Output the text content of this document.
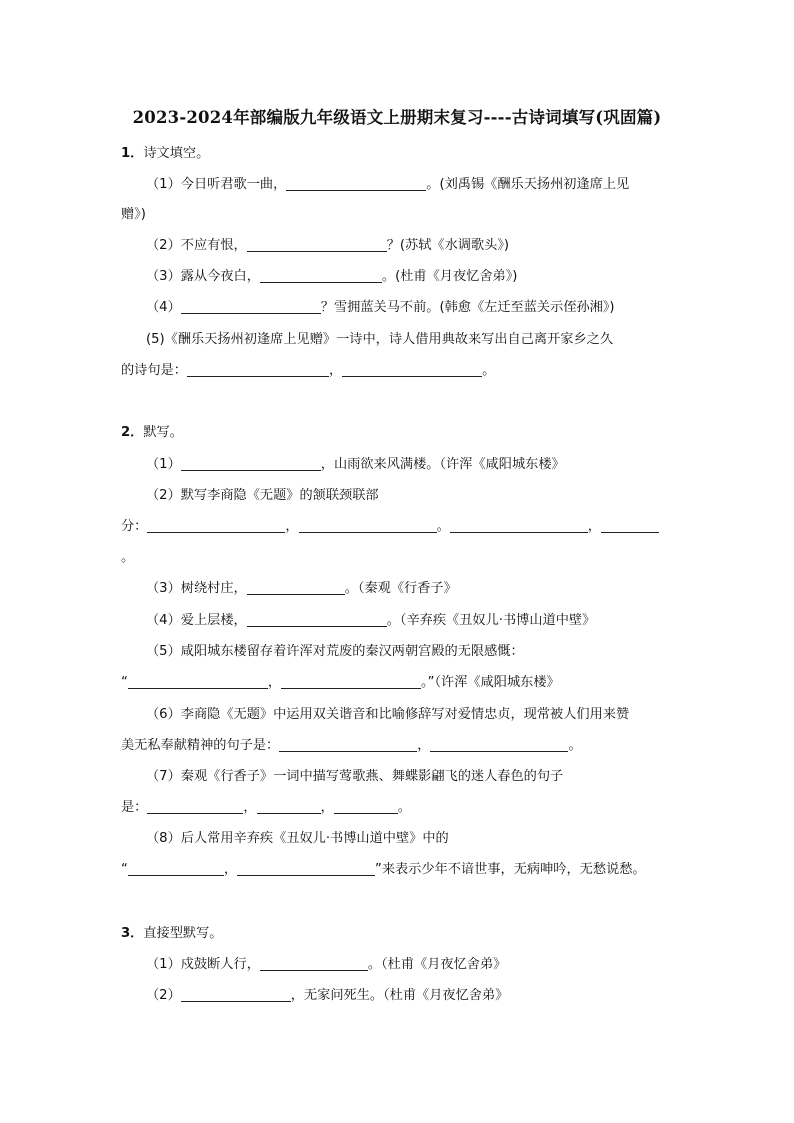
2023-2024年部编版九年级语文上册期末复习----古诗词填写(巩固篇)
1．诗文填空。
（1）今日听君歌一曲，	。(刘禹锡《酬乐天扬州初逢席上见
赠》)
（2）不应有恨，	？(苏轼《水调歌头》)
（3）露从今夜白，	。(杜甫《月夜忆舍弟》)
（4）	？雪拥蓝关马不前。(韩愈《左迁至蓝关示侄孙湘》)
(5)《酬乐天扬州初逢席上见赠》一诗中，诗人借用典故来写出自己离开家乡之久
的诗句是：	，	。
2．默写。
（1）	，山雨欲来风满楼。（许浑《咸阳城东楼》
（2）默写李商隐《无题》的颔联颈联部
分：	，	。	，
。
（3）树绕村庄，	。（秦观《行香子》
（4）爱上层楼，	。（辛弃疾《丑奴儿·书博山道中壁》
（5）咸阳城东楼留存着许浑对荒废的秦汉两朝宫殿的无限感慨：
“	，	。”（许浑《咸阳城东楼》
（6）李商隐《无题》中运用双关谐音和比喻修辞写对爱情忠贞，现常被人们用来赞
美无私奉献精神的句子是：	，	。
（7）秦观《行香子》一词中描写莺歌燕、舞蝶影翩飞的迷人春色的句子
是：	，	，	。
（8）后人常用辛弃疾《丑奴儿·书博山道中壁》中的
“	，	”来表示少年不谙世事，无病呻吟，无愁说愁。
3．直接型默写。
（1）戍鼓断人行，	。（杜甫《月夜忆舍弟》
（2）	，无家问死生。（杜甫《月夜忆舍弟》
